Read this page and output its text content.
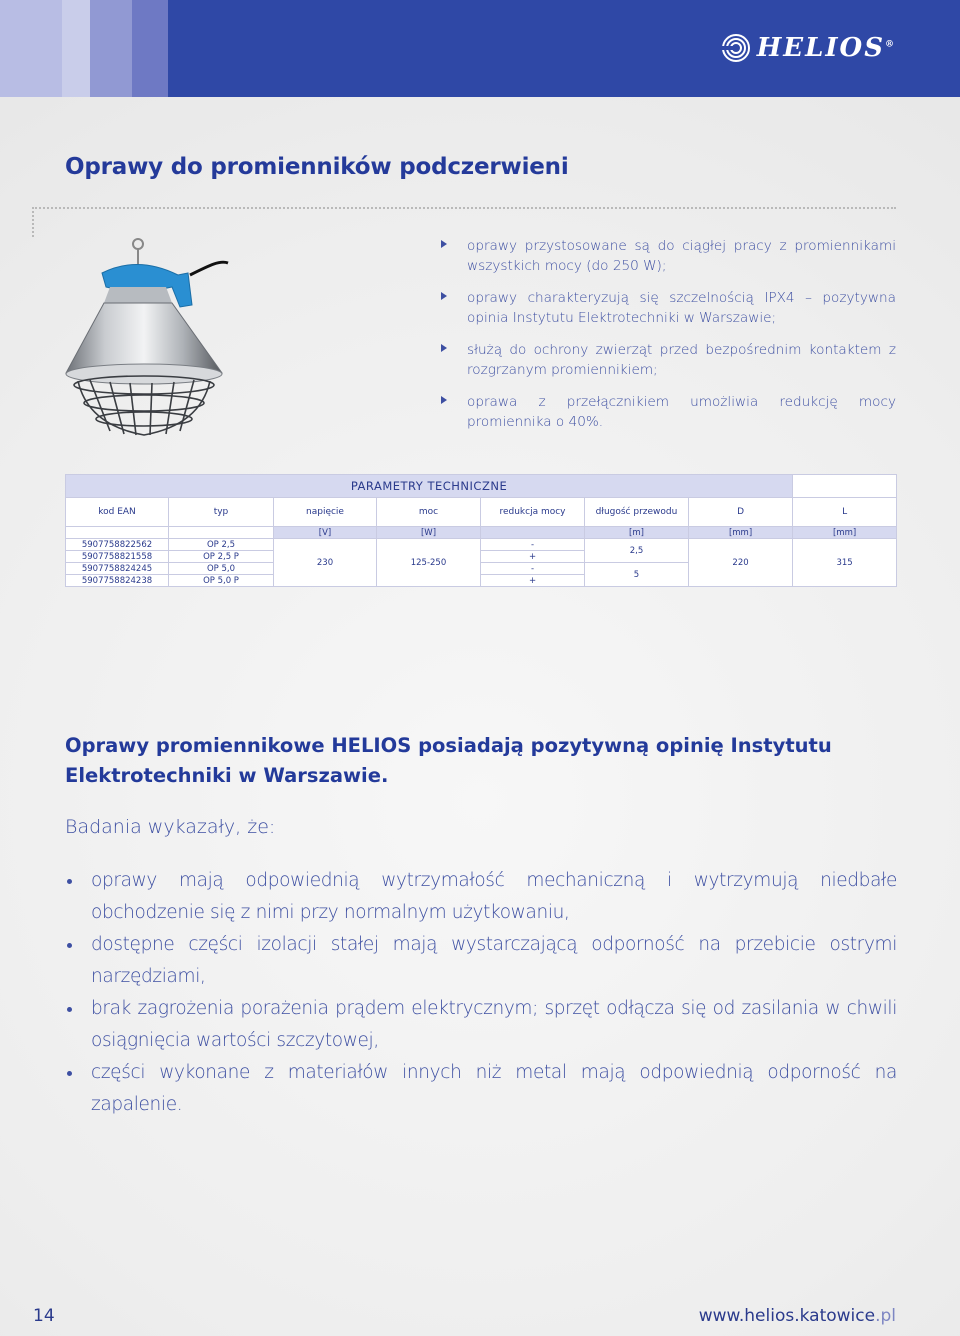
HELIOS®
Oprawy do promienników podczerwieni
oprawy przystosowane są do ciągłej pracy z promiennikami wszystkich mocy (do 250 W);
oprawy charakteryzują się szczelnością IPX4 – pozytywna opinia Instytutu Elektrotechniki w Warszawie;
służą do ochrony zwierząt przed bezpośrednim kontaktem z rozgrzanym promiennikiem;
oprawa z przełącznikiem umożliwia redukcję mocy promiennika o 40%.
PARAMETRY TECHNICZNE							
kod EAN	typ	napięcie	moc	redukcja mocy	długość przewodu	D	L
		[V]	[W]		[m]	[mm]	[mm]
5907758822562	OP 2,5	230	125-250	-	2,5	220	315
5907758821558	OP 2,5 P			+			
5907758824245	OP 5,0			-	5		
5907758824238	OP 5,0 P			+			

Oprawy promiennikowe HELIOS posiadają pozytywną opinię Instytutu Elektrotechniki w Warszawie.

Badania wykazały, że:

oprawy mają odpowiednią wytrzymałość mechaniczną i wytrzymują niedbałe obchodzenie się z nimi przy normalnym użytkowaniu,
dostępne części izolacji stałej mają wystarczającą odporność na przebicie ostrymi narzędziami,
brak zagrożenia porażenia prądem elektrycznym; sprzęt odłącza się od zasilania w chwili osiągnięcia wartości szczytowej,
części wykonane z materiałów innych niż metal mają odpowiednią odporność na zapalenie.
14	www.helios.katowice.pl
